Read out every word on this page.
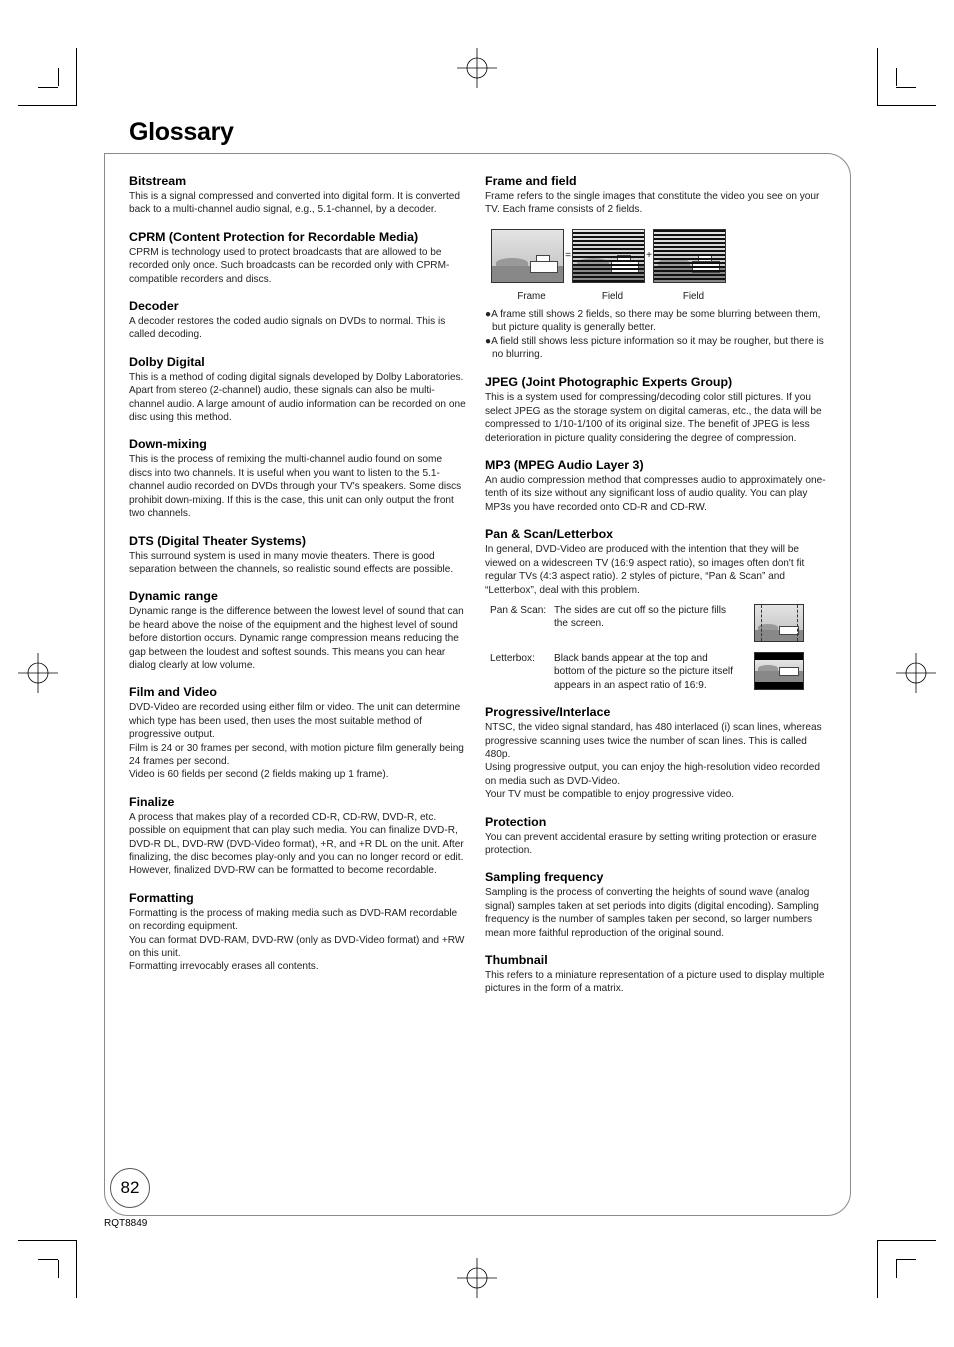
Glossary
Bitstream

This is a signal compressed and converted into digital form. It is converted back to a multi-channel audio signal, e.g., 5.1-channel, by a decoder.

CPRM (Content Protection for Recordable Media)

CPRM is technology used to protect broadcasts that are allowed to be recorded only once. Such broadcasts can be recorded only with CPRM-compatible recorders and discs.

Decoder

A decoder restores the coded audio signals on DVDs to normal. This is called decoding.

Dolby Digital

This is a method of coding digital signals developed by Dolby Laboratories. Apart from stereo (2-channel) audio, these signals can also be multi-channel audio. A large amount of audio information can be recorded on one disc using this method.

Down-mixing

This is the process of remixing the multi-channel audio found on some discs into two channels. It is useful when you want to listen to the 5.1-channel audio recorded on DVDs through your TV's speakers. Some discs prohibit down-mixing. If this is the case, this unit can only output the front two channels.

DTS (Digital Theater Systems)

This surround system is used in many movie theaters. There is good separation between the channels, so realistic sound effects are possible.

Dynamic range

Dynamic range is the difference between the lowest level of sound that can be heard above the noise of the equipment and the highest level of sound before distortion occurs. Dynamic range compression means reducing the gap between the loudest and softest sounds. This means you can hear dialog clearly at low volume.

Film and Video

DVD-Video are recorded using either film or video. The unit can determine which type has been used, then uses the most suitable method of progressive output.
Film is 24 or 30 frames per second, with motion picture film generally being 24 frames per second.
Video is 60 fields per second (2 fields making up 1 frame).

Finalize

A process that makes play of a recorded CD-R, CD-RW, DVD-R, etc. possible on equipment that can play such media. You can finalize DVD-R, DVD-R DL, DVD-RW (DVD-Video format), +R, and +R DL on the unit. After finalizing, the disc becomes play-only and you can no longer record or edit. However, finalized DVD-RW can be formatted to become recordable.

Formatting

Formatting is the process of making media such as DVD-RAM recordable on recording equipment.
You can format DVD-RAM, DVD-RW (only as DVD-Video format) and +RW on this unit.
Formatting irrevocably erases all contents.

Frame and field

Frame refers to the single images that constitute the video you see on your TV. Each frame consists of 2 fields.

=	+
Frame	Field	Field

●A frame still shows 2 fields, so there may be some blurring between them, but picture quality is generally better.

●A field still shows less picture information so it may be rougher, but there is no blurring.

JPEG (Joint Photographic Experts Group)

This is a system used for compressing/decoding color still pictures. If you select JPEG as the storage system on digital cameras, etc., the data will be compressed to 1/10-1/100 of its original size. The benefit of JPEG is less deterioration in picture quality considering the degree of compression.

MP3 (MPEG Audio Layer 3)

An audio compression method that compresses audio to approximately one-tenth of its size without any significant loss of audio quality. You can play MP3s you have recorded onto CD-R and CD-RW.

Pan & Scan/Letterbox

In general, DVD-Video are produced with the intention that they will be viewed on a widescreen TV (16:9 aspect ratio), so images often don't fit regular TVs (4:3 aspect ratio). 2 styles of picture, “Pan & Scan” and “Letterbox”, deal with this problem.

Pan & Scan: The sides are cut off so the picture fills the screen.
Letterbox:	Black bands appear at the top and bottom of the picture so the picture itself appears in an aspect ratio of 16:9.
Progressive/Interlace

NTSC, the video signal standard, has 480 interlaced (i) scan lines, whereas progressive scanning uses twice the number of scan lines. This is called 480p.
Using progressive output, you can enjoy the high-resolution video recorded on media such as DVD-Video.
Your TV must be compatible to enjoy progressive video.

Protection

You can prevent accidental erasure by setting writing protection or erasure protection.

Sampling frequency

Sampling is the process of converting the heights of sound wave (analog signal) samples taken at set periods into digits (digital encoding). Sampling frequency is the number of samples taken per second, so larger numbers mean more faithful reproduction of the original sound.

Thumbnail

This refers to a miniature representation of a picture used to display multiple pictures in the form of a matrix.

82
RQT8849
